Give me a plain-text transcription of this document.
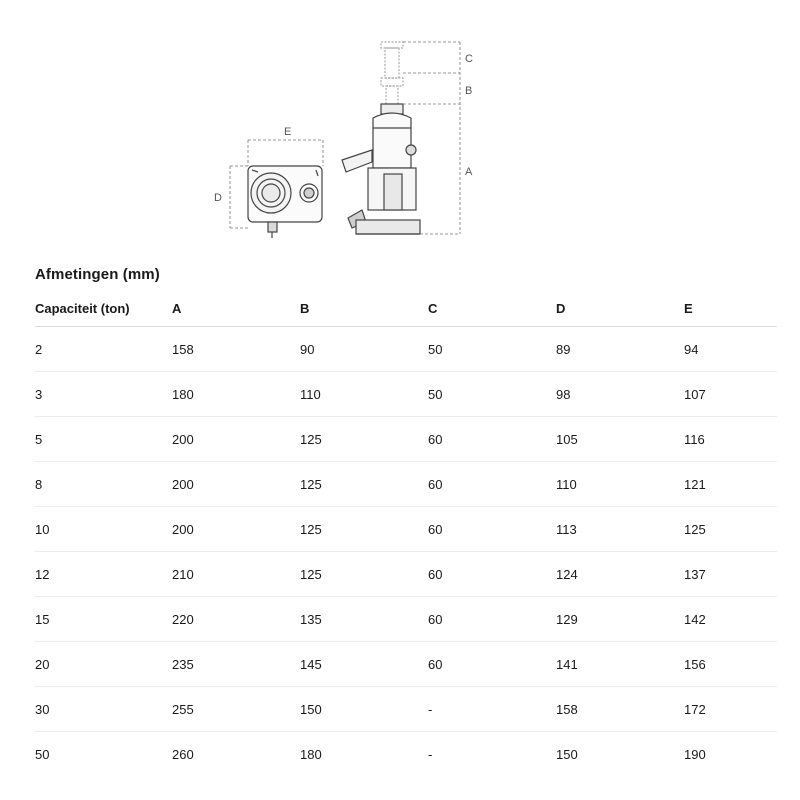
E
D
C
B
A
Afmetingen (mm)
Capaciteit (ton)	A	B	C	D	E
2	158	90	50	89	94
3	180	110	50	98	107
5	200	125	60	105	116
8	200	125	60	110	121
10	200	125	60	113	125
12	210	125	60	124	137
15	220	135	60	129	142
20	235	145	60	141	156
30	255	150	-	158	172
50	260	180	-	150	190
